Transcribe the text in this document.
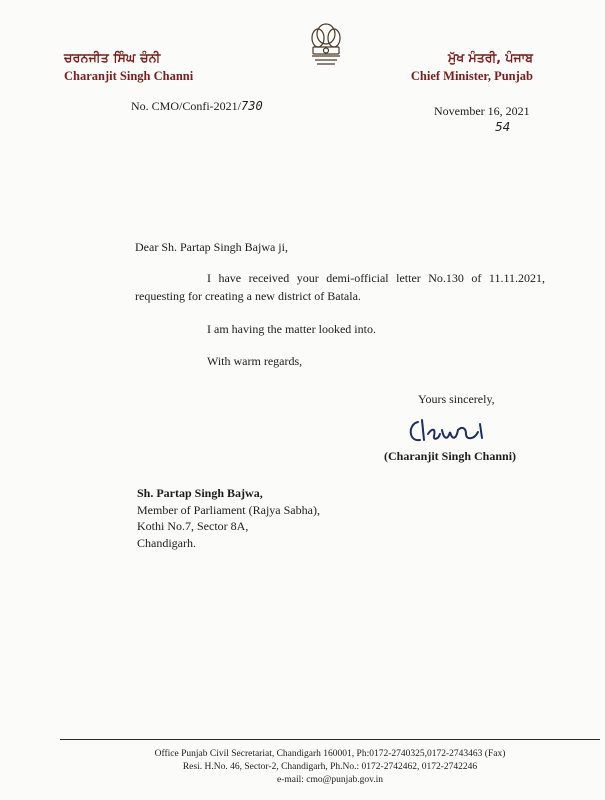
ਚਰਨਜੀਤ ਸਿੰਘ ਚੰਨੀ
Charanjit Singh Channi
ਮੁੱਖ ਮੰਤਰੀ, ਪੰਜਾਬ
Chief Minister, Punjab
No. CMO/Confi-2021/730	November 16, 2021
54
Dear Sh. Partap Singh Bajwa ji,
I have received your demi-official letter No.130 of 11.11.2021, requesting for creating a new district of Batala.
I am having the matter looked into.
With warm regards,
Yours sincerely,
(Charanjit Singh Channi)
Sh. Partap Singh Bajwa,
Member of Parliament (Rajya Sabha),
Kothi No.7, Sector 8A,
Chandigarh.
Office Punjab Civil Secretariat, Chandigarh 160001, Ph:0172-2740325,0172-2743463 (Fax)
Resi. H.No. 46, Sector-2, Chandigarh, Ph.No.: 0172-2742462, 0172-2742246
e-mail: cmo@punjab.gov.in
